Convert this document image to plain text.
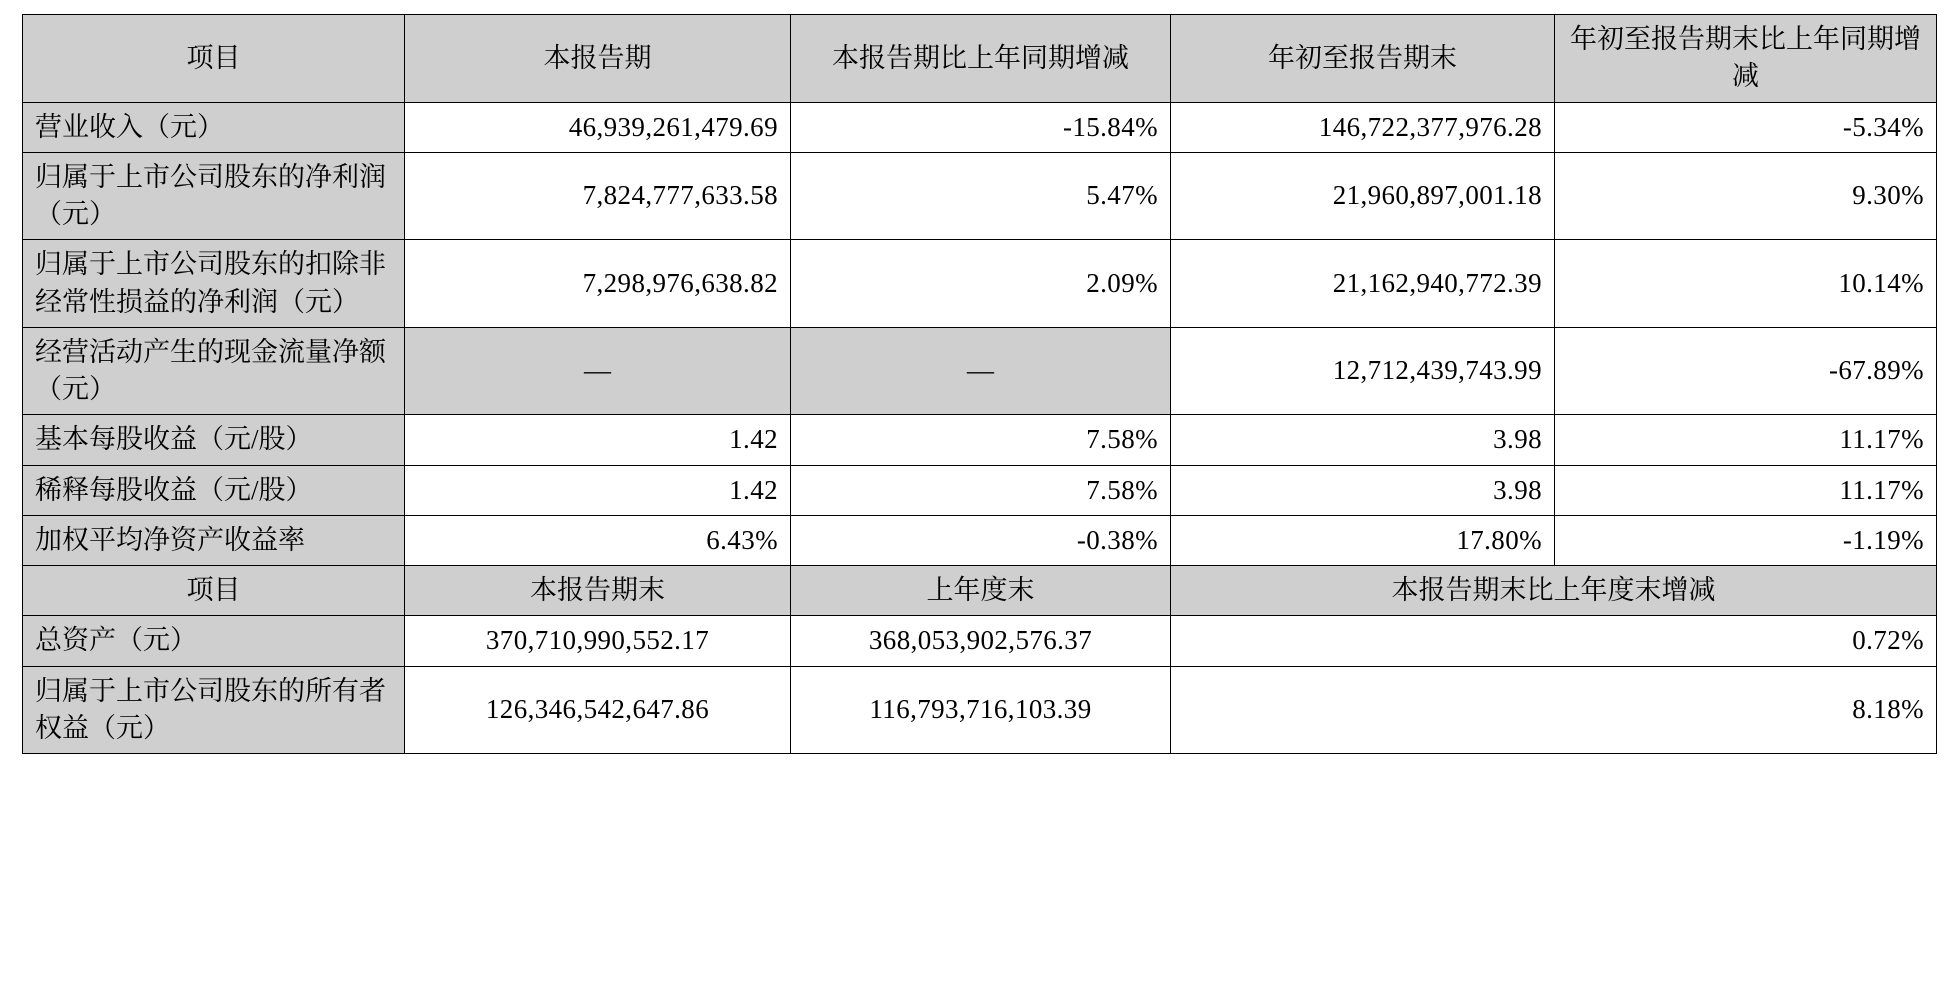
项目	本报告期	本报告期比上年同期增减	年初至报告期末	年初至报告期末比上年同期增减
营业收入（元）	46,939,261,479.69	-15.84%	146,722,377,976.28	-5.34%
归属于上市公司股东的净利润（元）	7,824,777,633.58	5.47%	21,960,897,001.18	9.30%
归属于上市公司股东的扣除非经常性损益的净利润（元）	7,298,976,638.82	2.09%	21,162,940,772.39	10.14%
经营活动产生的现金流量净额（元）	—	—	12,712,439,743.99	-67.89%
基本每股收益（元/股）	1.42	7.58%	3.98	11.17%
稀释每股收益（元/股）	1.42	7.58%	3.98	11.17%
加权平均净资产收益率	6.43%	-0.38%	17.80%	-1.19%
项目	本报告期末	上年度末	本报告期末比上年度末增减	
总资产（元）	370,710,990,552.17	368,053,902,576.37	0.72%	
归属于上市公司股东的所有者权益（元）	126,346,542,647.86	116,793,716,103.39	8.18%	
